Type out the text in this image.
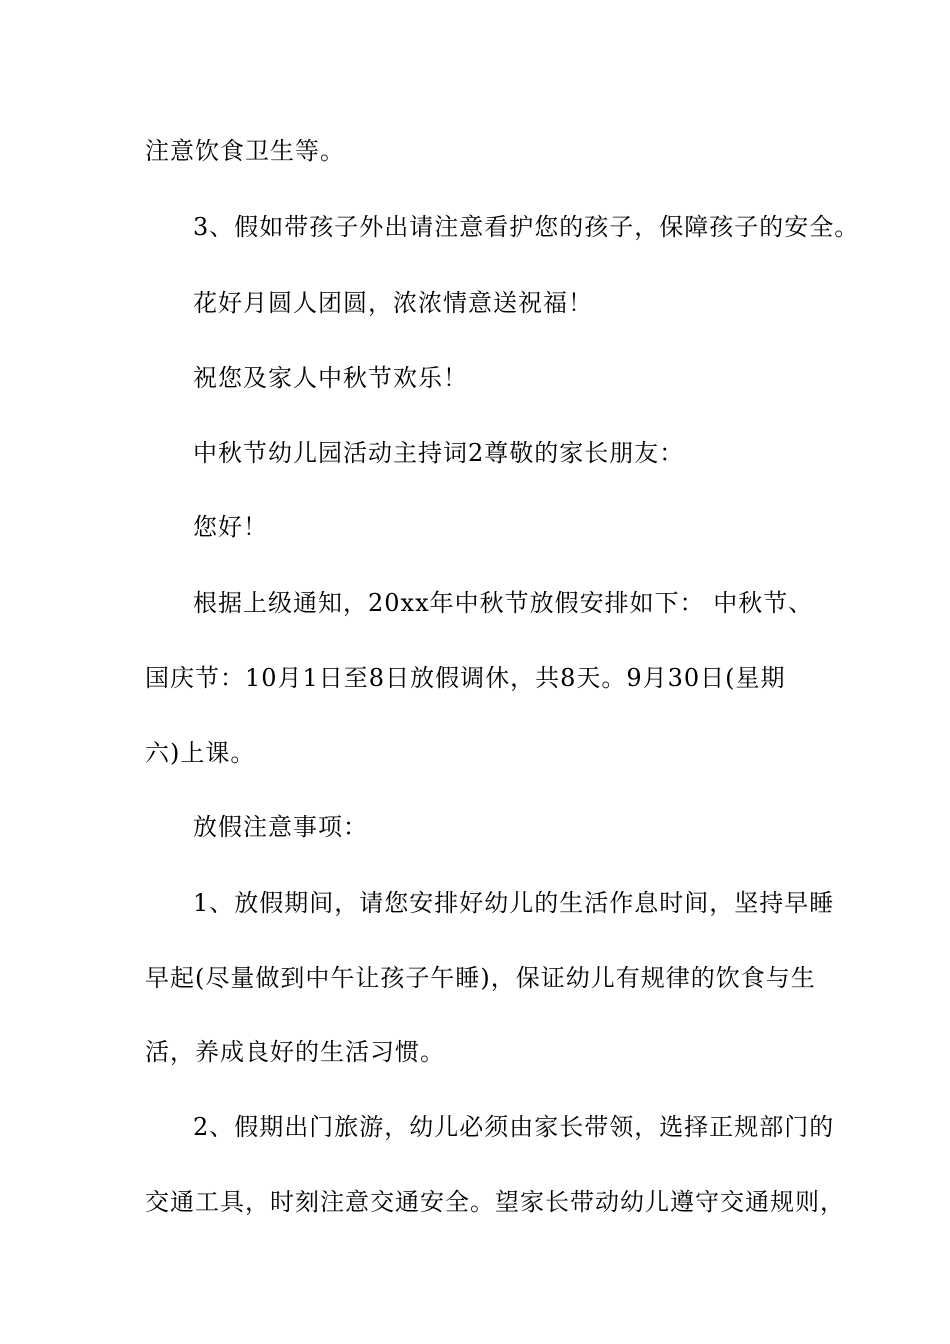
注意饮食卫生等。
3、假如带孩子外出请注意看护您的孩子，保障孩子的安全。
花好月圆人团圆，浓浓情意送祝福！
祝您及家人中秋节欢乐！
中秋节幼儿园活动主持词2尊敬的家长朋友：
您好！
根据上级通知，20xx年中秋节放假安排如下： 中秋节、
国庆节：10月1日至8日放假调休，共8天。9月30日(星期
六)上课。
放假注意事项：
1、放假期间，请您安排好幼儿的生活作息时间，坚持早睡
早起(尽量做到中午让孩子午睡)，保证幼儿有规律的饮食与生
活，养成良好的生活习惯。
2、假期出门旅游，幼儿必须由家长带领，选择正规部门的
交通工具，时刻注意交通安全。望家长带动幼儿遵守交通规则，
